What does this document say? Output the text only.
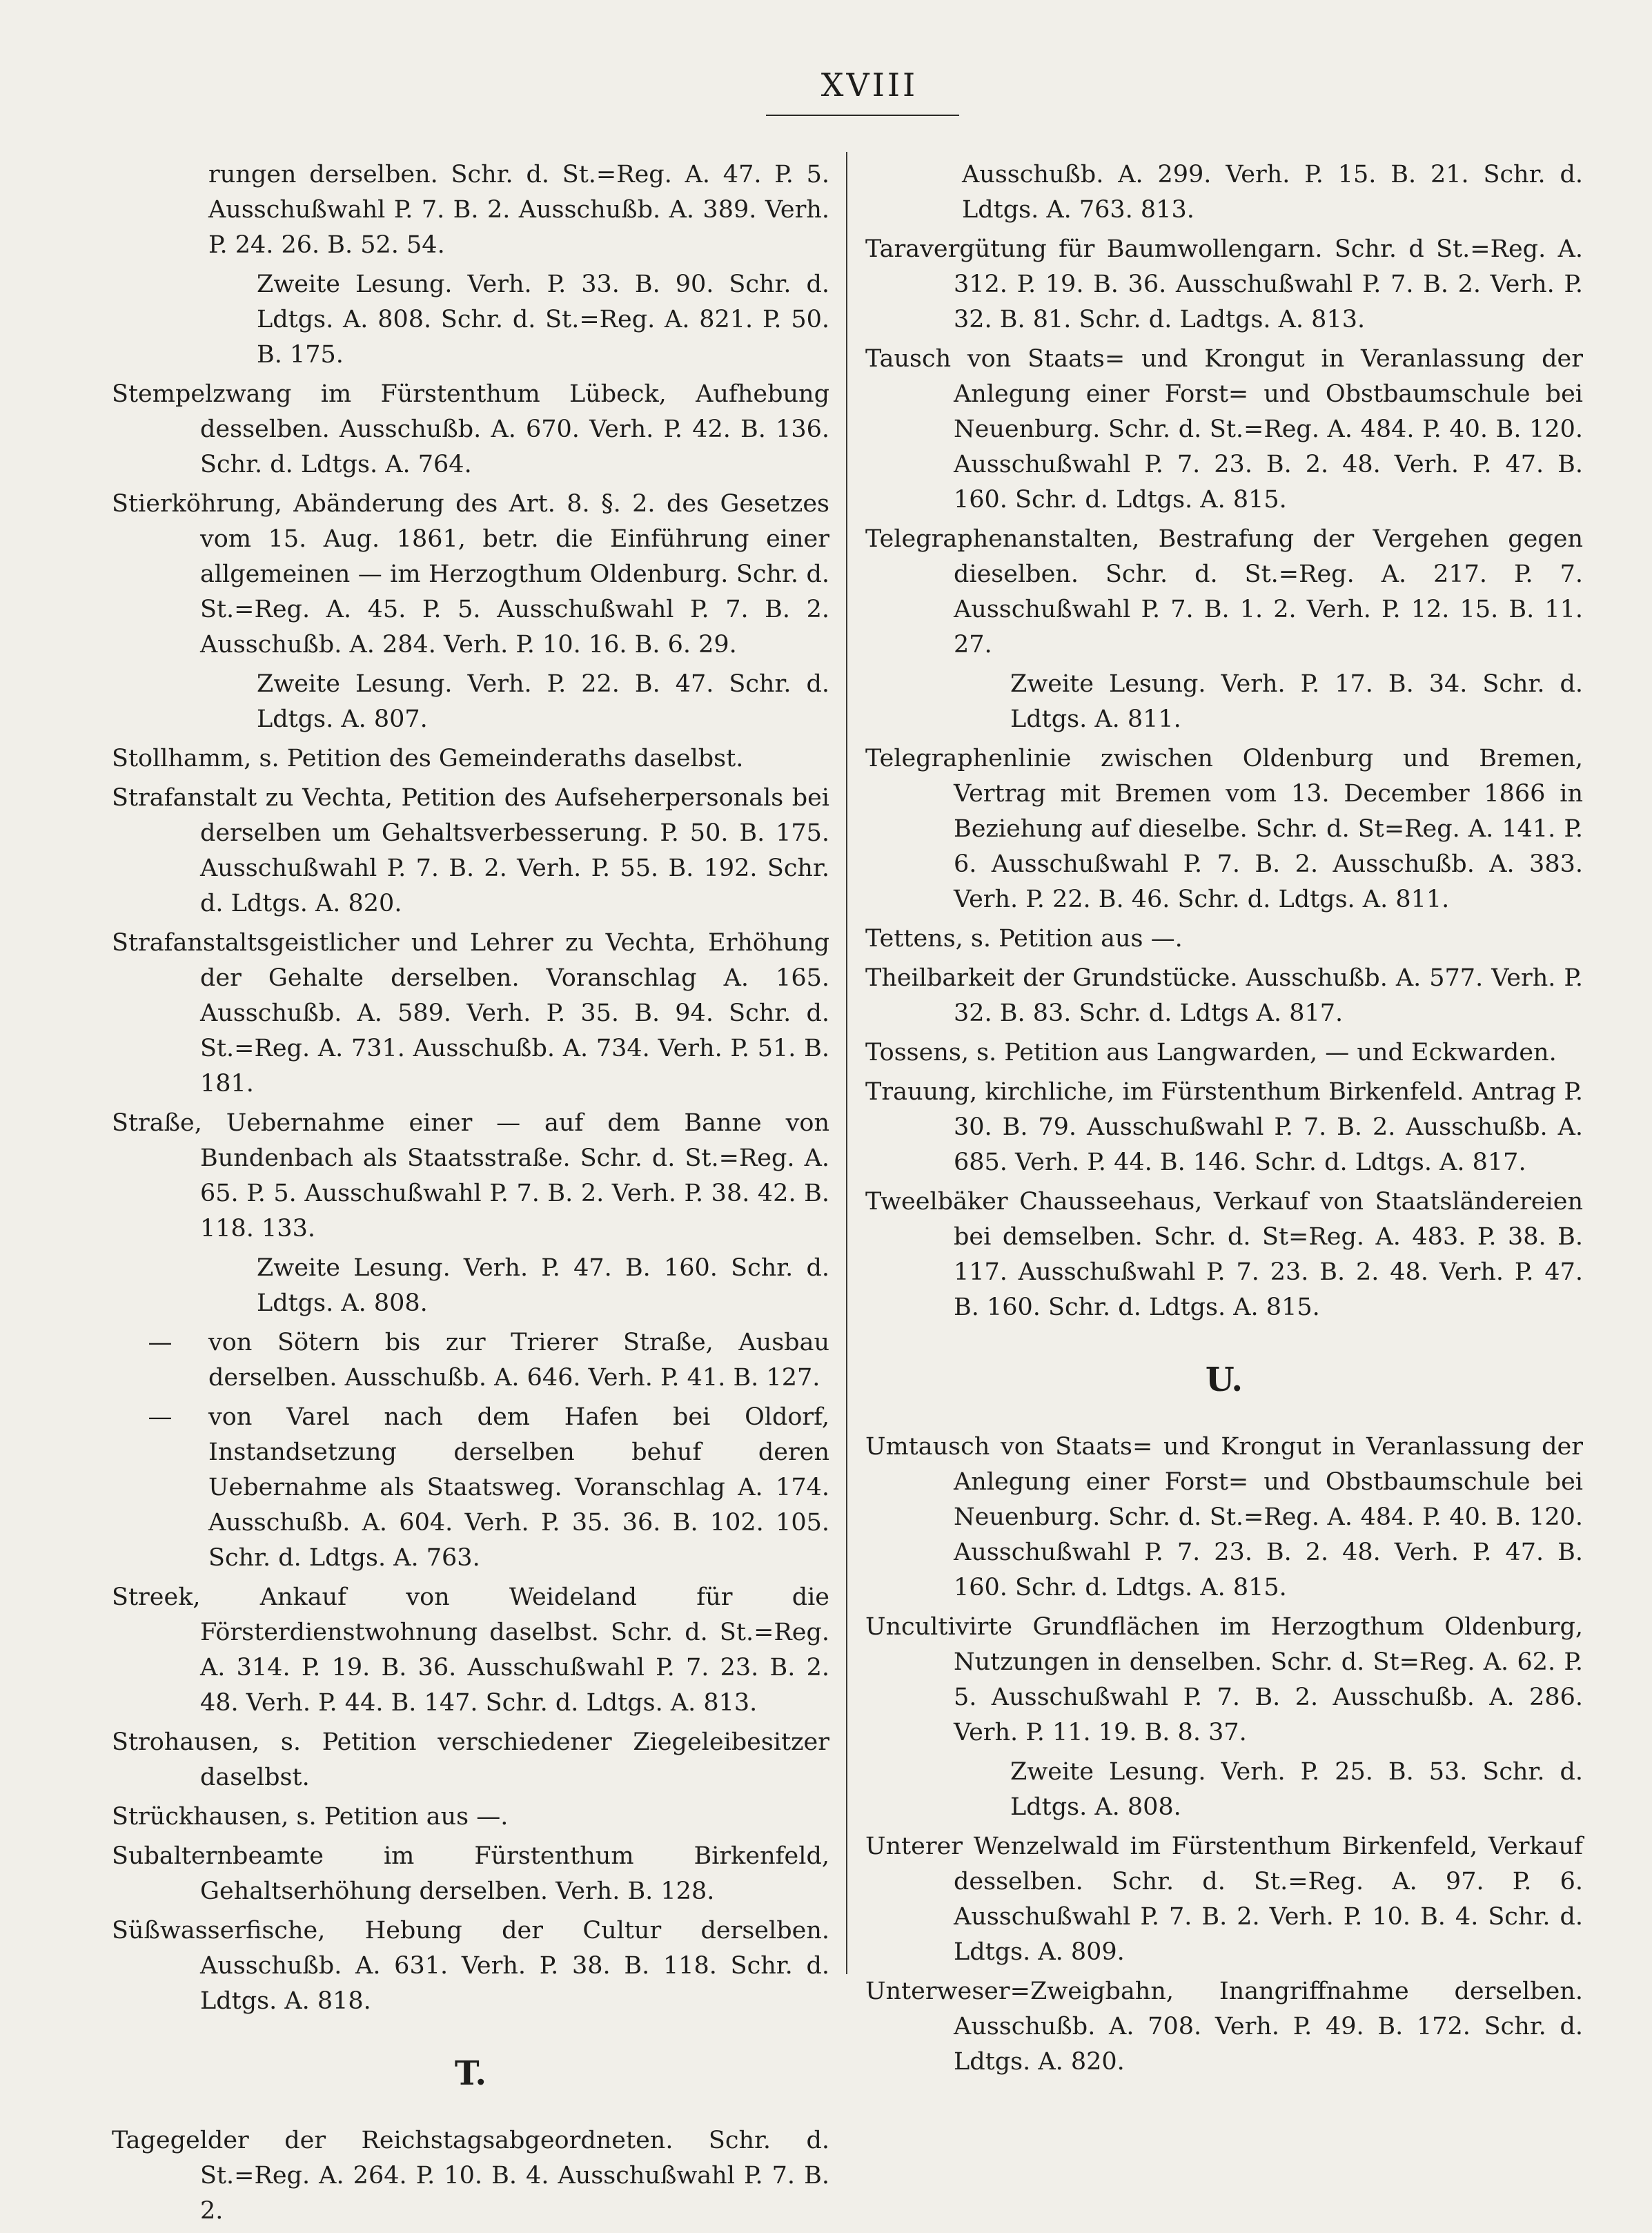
XVIII

rungen derselben. Schr. d. St.=Reg. A. 47. P. 5. Ausschußwahl P. 7. B. 2. Ausschußb. A. 389. Verh. P. 24. 26. B. 52. 54.

Zweite Lesung. Verh. P. 33. B. 90. Schr. d. Ldtgs. A. 808. Schr. d. St.=Reg. A. 821. P. 50. B. 175.

Stempelzwang im Fürstenthum Lübeck, Aufhebung desselben. Ausschußb. A. 670. Verh. P. 42. B. 136. Schr. d. Ldtgs. A. 764.

Stierköhrung, Abänderung des Art. 8. §. 2. des Gesetzes vom 15. Aug. 1861, betr. die Einführung einer allgemeinen — im Herzogthum Oldenburg. Schr. d. St.=Reg. A. 45. P. 5. Ausschußwahl P. 7. B. 2. Ausschußb. A. 284. Verh. P. 10. 16. B. 6. 29.

Zweite Lesung. Verh. P. 22. B. 47. Schr. d. Ldtgs. A. 807.

Stollhamm, s. Petition des Gemeinderaths daselbst.

Strafanstalt zu Vechta, Petition des Aufseherpersonals bei derselben um Gehaltsverbesserung. P. 50. B. 175. Ausschußwahl P. 7. B. 2. Verh. P. 55. B. 192. Schr. d. Ldtgs. A. 820.

Strafanstaltsgeistlicher und Lehrer zu Vechta, Erhöhung der Gehalte derselben. Voranschlag A. 165. Ausschußb. A. 589. Verh. P. 35. B. 94. Schr. d. St.=Reg. A. 731. Ausschußb. A. 734. Verh. P. 51. B. 181.

Straße, Uebernahme einer — auf dem Banne von Bundenbach als Staatsstraße. Schr. d. St.=Reg. A. 65. P. 5. Ausschußwahl P. 7. B. 2. Verh. P. 38. 42. B. 118. 133.

Zweite Lesung. Verh. P. 47. B. 160. Schr. d. Ldtgs. A. 808.

— von Sötern bis zur Trierer Straße, Ausbau derselben. Ausschußb. A. 646. Verh. P. 41. B. 127.

— von Varel nach dem Hafen bei Oldorf, Instandsetzung derselben behuf deren Uebernahme als Staatsweg. Voranschlag A. 174. Ausschußb. A. 604. Verh. P. 35. 36. B. 102. 105. Schr. d. Ldtgs. A. 763.

Streek, Ankauf von Weideland für die Försterdienstwohnung daselbst. Schr. d. St.=Reg. A. 314. P. 19. B. 36. Ausschußwahl P. 7. 23. B. 2. 48. Verh. P. 44. B. 147. Schr. d. Ldtgs. A. 813.

Strohausen, s. Petition verschiedener Ziegeleibesitzer daselbst.

Strückhausen, s. Petition aus —.

Subalternbeamte im Fürstenthum Birkenfeld, Gehaltserhöhung derselben. Verh. B. 128.

Süßwasserfische, Hebung der Cultur derselben. Ausschußb. A. 631. Verh. P. 38. B. 118. Schr. d. Ldtgs. A. 818.

T.

Tagegelder der Reichstagsabgeordneten. Schr. d. St.=Reg. A. 264. P. 10. B. 4. Ausschußwahl P. 7. B. 2.

Ausschußb. A. 299. Verh. P. 15. B. 21. Schr. d. Ldtgs. A. 763. 813.

Taravergütung für Baumwollengarn. Schr. d St.=Reg. A. 312. P. 19. B. 36. Ausschußwahl P. 7. B. 2. Verh. P. 32. B. 81. Schr. d. Ladtgs. A. 813.

Tausch von Staats= und Krongut in Veranlassung der Anlegung einer Forst= und Obstbaumschule bei Neuenburg. Schr. d. St.=Reg. A. 484. P. 40. B. 120. Ausschußwahl P. 7. 23. B. 2. 48. Verh. P. 47. B. 160. Schr. d. Ldtgs. A. 815.

Telegraphenanstalten, Bestrafung der Vergehen gegen dieselben. Schr. d. St.=Reg. A. 217. P. 7. Ausschußwahl P. 7. B. 1. 2. Verh. P. 12. 15. B. 11. 27.

Zweite Lesung. Verh. P. 17. B. 34. Schr. d. Ldtgs. A. 811.

Telegraphenlinie zwischen Oldenburg und Bremen, Vertrag mit Bremen vom 13. December 1866 in Beziehung auf dieselbe. Schr. d. St=Reg. A. 141. P. 6. Ausschußwahl P. 7. B. 2. Ausschußb. A. 383. Verh. P. 22. B. 46. Schr. d. Ldtgs. A. 811.

Tettens, s. Petition aus —.

Theilbarkeit der Grundstücke. Ausschußb. A. 577. Verh. P. 32. B. 83. Schr. d. Ldtgs A. 817.

Tossens, s. Petition aus Langwarden, — und Eckwarden.

Trauung, kirchliche, im Fürstenthum Birkenfeld. Antrag P. 30. B. 79. Ausschußwahl P. 7. B. 2. Ausschußb. A. 685. Verh. P. 44. B. 146. Schr. d. Ldtgs. A. 817.

Tweelbäker Chausseehaus, Verkauf von Staatsländereien bei demselben. Schr. d. St=Reg. A. 483. P. 38. B. 117. Ausschußwahl P. 7. 23. B. 2. 48. Verh. P. 47. B. 160. Schr. d. Ldtgs. A. 815.

U.

Umtausch von Staats= und Krongut in Veranlassung der Anlegung einer Forst= und Obstbaumschule bei Neuenburg. Schr. d. St.=Reg. A. 484. P. 40. B. 120. Ausschußwahl P. 7. 23. B. 2. 48. Verh. P. 47. B. 160. Schr. d. Ldtgs. A. 815.

Uncultivirte Grundflächen im Herzogthum Oldenburg, Nutzungen in denselben. Schr. d. St=Reg. A. 62. P. 5. Ausschußwahl P. 7. B. 2. Ausschußb. A. 286. Verh. P. 11. 19. B. 8. 37.

Zweite Lesung. Verh. P. 25. B. 53. Schr. d. Ldtgs. A. 808.

Unterer Wenzelwald im Fürstenthum Birkenfeld, Verkauf desselben. Schr. d. St.=Reg. A. 97. P. 6. Ausschußwahl P. 7. B. 2. Verh. P. 10. B. 4. Schr. d. Ldtgs. A. 809.

Unterweser=Zweigbahn, Inangriffnahme derselben. Ausschußb. A. 708. Verh. P. 49. B. 172. Schr. d. Ldtgs. A. 820.
